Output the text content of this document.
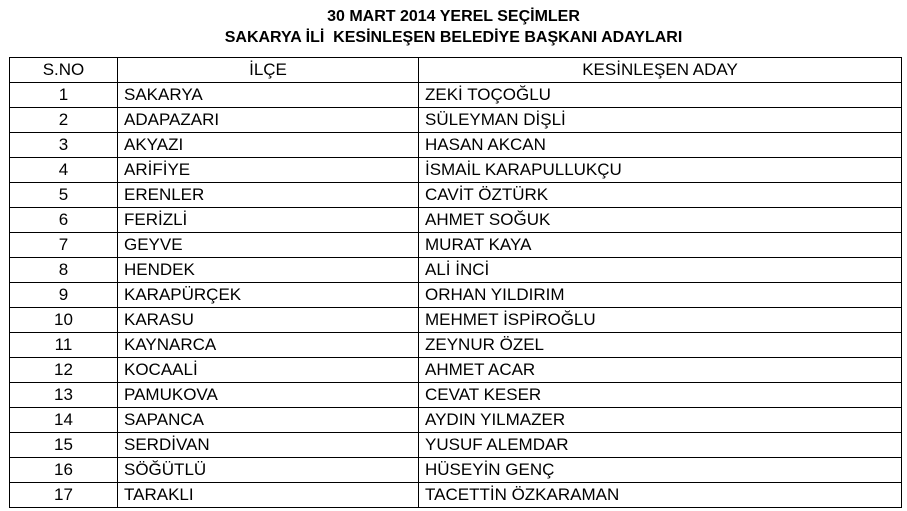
30 MART 2014 YEREL SEÇİMLER
SAKARYA İLİ  KESİNLEŞEN BELEDİYE BAŞKANI ADAYLARI
S.NO	İLÇE	KESİNLEŞEN ADAY
1	SAKARYA	ZEKİ TOÇOĞLU
2	ADAPAZARI	SÜLEYMAN DİŞLİ
3	AKYAZI	HASAN AKCAN
4	ARİFİYE	İSMAİL KARAPULLUKÇU
5	ERENLER	CAVİT ÖZTÜRK
6	FERİZLİ	AHMET SOĞUK
7	GEYVE	MURAT KAYA
8	HENDEK	ALİ İNCİ
9	KARAPÜRÇEK	ORHAN YILDIRIM
10	KARASU	MEHMET İSPİROĞLU
11	KAYNARCA	ZEYNUR ÖZEL
12	KOCAALİ	AHMET ACAR
13	PAMUKOVA	CEVAT KESER
14	SAPANCA	AYDIN YILMAZER
15	SERDİVAN	YUSUF ALEMDAR
16	SÖĞÜTLÜ	HÜSEYİN GENÇ
17	TARAKLI	TACETTİN ÖZKARAMAN
